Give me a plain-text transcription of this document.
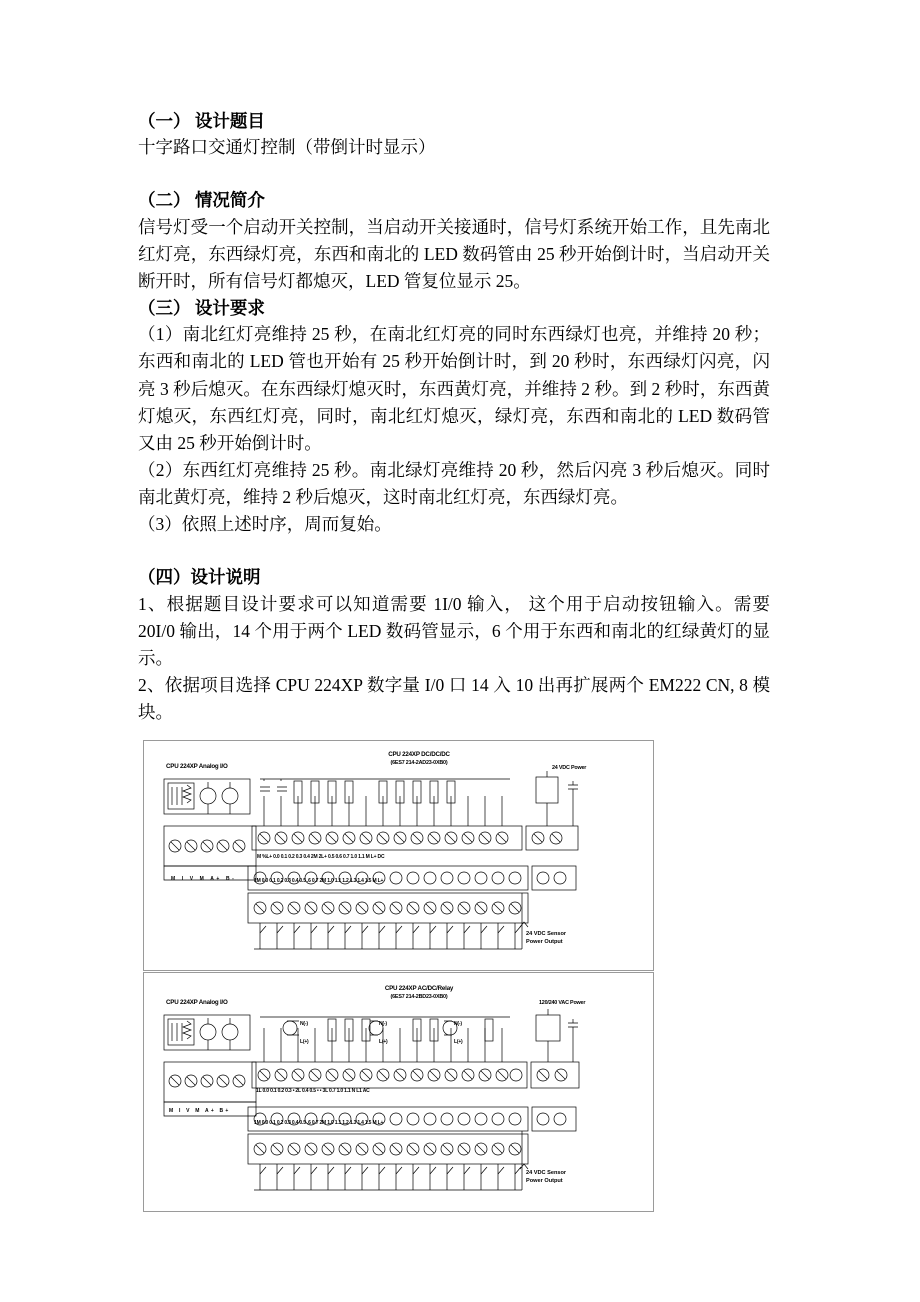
（一） 设计题目

十字路口交通灯控制（带倒计时显示）

（二） 情况简介

信号灯受一个启动开关控制，当启动开关接通时，信号灯系统开始工作，且先南北红灯亮，东西绿灯亮，东西和南北的 LED 数码管由 25 秒开始倒计时，当启动开关断开时，所有信号灯都熄灭，LED 管复位显示 25。

（三） 设计要求

（1）南北红灯亮维持 25 秒，在南北红灯亮的同时东西绿灯也亮，并维持 20 秒；东西和南北的 LED 管也开始有 25 秒开始倒计时，到 20 秒时，东西绿灯闪亮，闪亮 3 秒后熄灭。在东西绿灯熄灭时，东西黄灯亮，并维持 2 秒。到 2 秒时，东西黄灯熄灭，东西红灯亮，同时，南北红灯熄灭，绿灯亮，东西和南北的 LED 数码管又由 25 秒开始倒计时。

（2）东西红灯亮维持 25 秒。南北绿灯亮维持 20 秒，然后闪亮 3 秒后熄灭。同时南北黄灯亮，维持 2 秒后熄灭，这时南北红灯亮，东西绿灯亮。

（3）依照上述时序，周而复始。

（四）设计说明

1、根据题目设计要求可以知道需要 1I/0 输入， 这个用于启动按钮输入。需要 20I/0 输出，14 个用于两个 LED 数码管显示，6 个用于东西和南北的红绿黄灯的显示。

2、依据项目选择 CPU 224XP 数字量 I/0 口 14 入 10 出再扩展两个 EM222 CN, 8 模块。

CPU 224XP Analog I/O
CPU 224XP DC/DC/DC
(6ES7 214-2AD23-0XB0)
24 VDC Power
M I V M A+ B-
M %L+ 0.0 0.1 0.2 0.3 0.4 2M 2L+ 0.5 0.6 0.7 1.0 1.1 M L+ DC
1M 0.0 0.1 0.2 0.3 0.4 0.5 .6 0.7 2M 1.0 1.1 1.2 1.3 1.4 1.5 M L+
24 VDC Sensor
Power Output
CPU 224XP Analog I/O
CPU 224XP AC/DC/Relay
(6ES7 214-2BD23-0XB0)
120/240 VAC Power
N(-)
L(+)
N(-)
L(+)
N(-)
L(+)
M I V M A+ B+
1L 0.0 0.1 0.2 0.3 • 2L 0.4 0.5 • • 3L 0.7 1.0 1.1 N L1 AC
1M 0.0 0.1 0.2 0.3 0.4 0.5 .6 0.7 2M 1.0 1.1 1.2 1.3 1.4 1.5 M L+
24 VDC Sensor
Power Output
